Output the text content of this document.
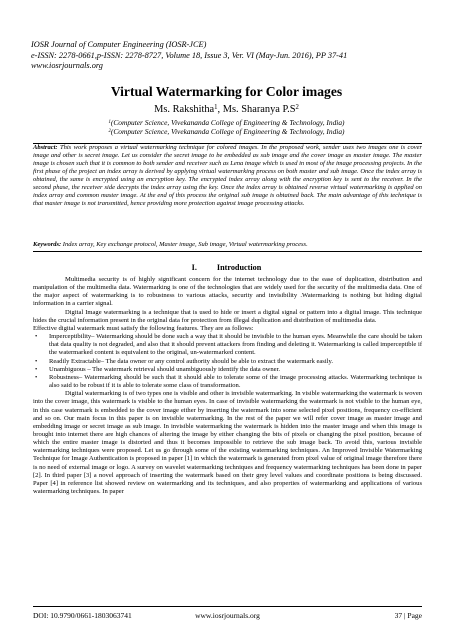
IOSR Journal of Computer Engineering (IOSR-JCE)
e-ISSN: 2278-0661,p-ISSN: 2278-8727, Volume 18, Issue 3, Ver. VI (May-Jun. 2016), PP 37-41
www.iosrjournals.org
Virtual Watermarking for Color images
Ms. Rakshitha$^1$, Ms. Sharanya $P.S^2$
$^1$(Computer Science, Vivekananda College of Engineering & Technology, India)
$^2$(Computer Science, Vivekananda College of Engineering & Technology, India)
Abstract: This work proposes a virtual watermarking technique for colored images. In the proposed work, sender uses two images one is cover image and other is secret image. Let us consider the secret image to be embedded as sub image and the cover image as master image. The master image is chosen such that it is common to both sender and receiver such as Lena image which is used in most of the image processing projects. In the first phase of the project an index array is derived by applying virtual watermarking process on both master and sub image. Once the index array is obtained, the same is encrypted using an encryption key. The encrypted index array along with the encryption key is sent to the receiver. In the second phase, the receiver side decrypts the index array using the key. Once the index array is obtained reverse virtual watermarking is applied on index array and common master image. At the end of this process the original sub image is obtained back. The main advantage of this technique is that master image is not transmitted, hence providing more protection against image processing attacks.
Keywords: Index array, Key exchange protocol, Master image, Sub image, Virtual watermarking process.
I. Introduction

Multimedia security is of highly significant concern for the internet technology due to the ease of duplication, distribution and manipulation of the multimedia data. Watermarking is one of the technologies that are widely used for the security of the multimedia data. One of the major aspect of watermarking is to robustness to various attacks, security and invisibility .Watermarking is nothing but hiding digital information in a carrier signal.

Digital Image watermarking is a technique that is used to hide or insert a digital signal or pattern into a digital image. This technique hides the crucial information present in the original data for protection from illegal duplication and distribution of multimedia data.

Effective digital watermark must satisfy the following features. They are as follows:

• Imperceptibility– Watermarking should be done such a way that it should be invisible to the human eyes. Meanwhile the care should be taken that data quality is not degraded, and also that it should prevent attackers from finding and deleting it. Watermarking is called imperceptible if the watermarked content is equivalent to the original, un-watermarked content.
• Readily Extractable– The data owner or any control authority should be able to extract the watermark easily.
• Unambiguous – The watermark retrieval should unambiguously identify the data owner.
• Robustness– Watermarking should be such that it should able to tolerate some of the image processing attacks. Watermarking technique is also said to be robust if it is able to tolerate some class of transformation.

Digital watermarking is of two types one is visible and other is invisible watermarking. In visible watermarking the watermark is woven into the cover image, this watermark is visible to the human eyes. In case of invisible watermarking the watermark is not visible to the human eye, in this case watermark is embedded to the cover image either by inserting the watermark into some selected pixel positions, frequency co-efficient and so on. Our main focus in this paper is on invisible watermarking. In the rest of the paper we will refer cover image as master image and embedding image or secret image as sub image. In invisible watermarking the watermark is hidden into the master image and when this image is brought into internet there are high chances of altering the image by either changing the bits of pixels or changing the pixel position, because of which the entire master image is distorted and thus it becomes impossible to retrieve the sub image back. To avoid this, various invisible watermarking techniques were proposed. Let us go through some of the existing watermarking techniques. An Improved Invisible Watermarking Technique for Image Authentication is proposed in paper [1] in which the watermark is generated from pixel value of original image therefore there is no need of external image or logo. A survey on wavelet watermarking techniques and frequency watermarking techniques has been done in paper [2]. In third paper [3] a novel approach of inserting the watermark based on their grey level values and coordinate positions is being discussed. Paper [4] in reference list showed review on watermarking and its techniques, and also properties of watermarking and applications of various watermarking techniques. In paper

DOI: 10.9790/0661-1803063741	www.iosrjournals.org	37 | Page
